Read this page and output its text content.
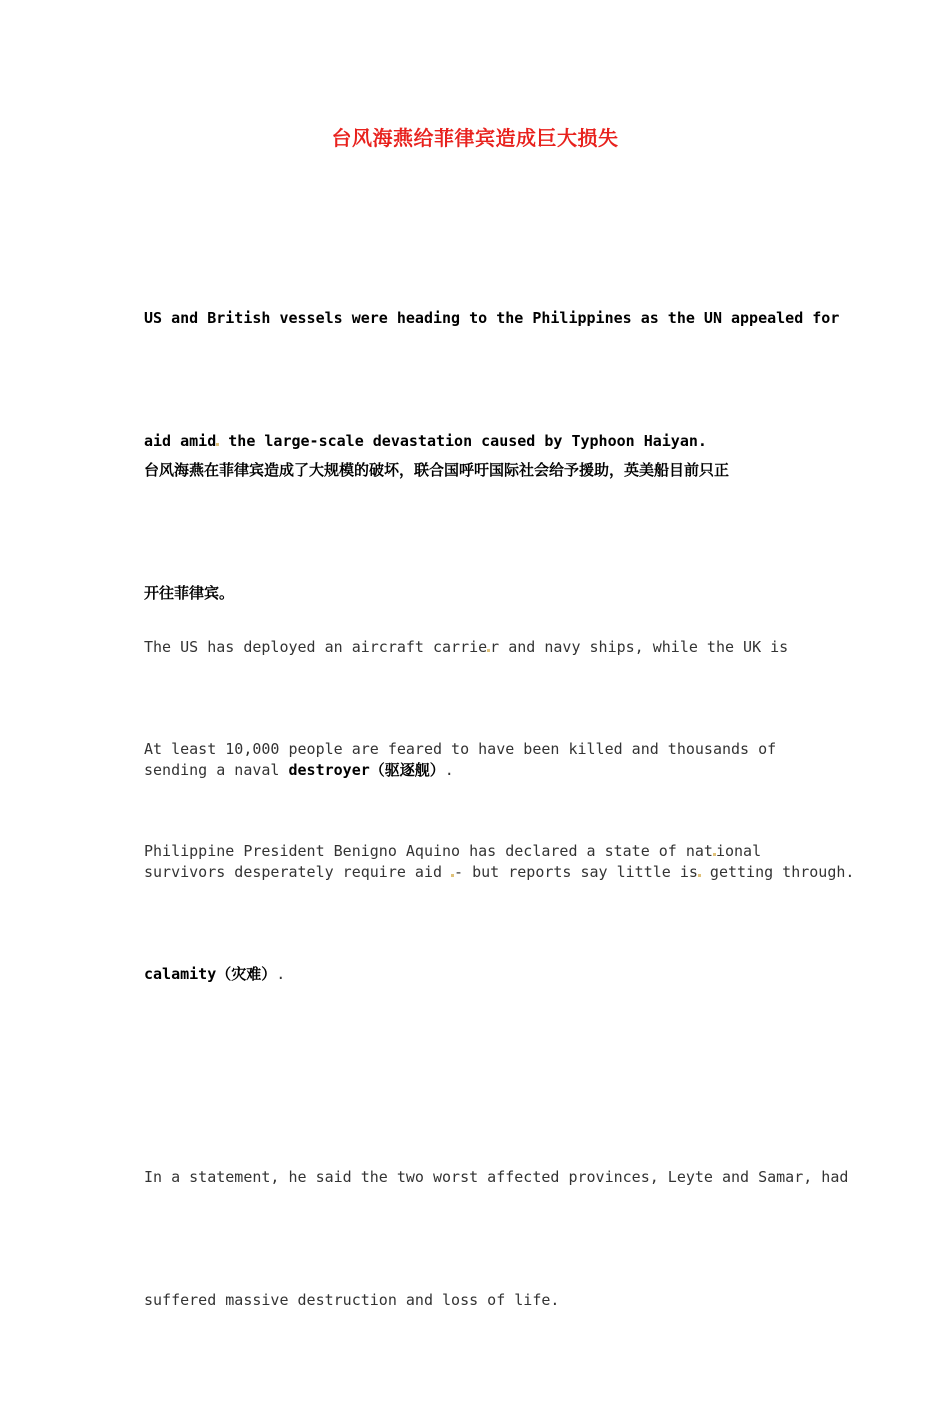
台风海燕给菲律宾造成巨大损失

US and British vessels were heading to the Philippines as the UN appealed for

aid amid the large-scale devastation caused by Typhoon Haiyan.

台风海燕在菲律宾造成了大规模的破坏，联合国呼吁国际社会给予援助，英美船目前只正

开往菲律宾。

The US has deployed an aircraft carrie r and navy ships, while the UK is

sending a naval destroyer（驱逐舰）.

At least 10,000 people are feared to have been killed and thousands of

survivors desperately require aid - but reports say little is getting through.

Philippine President Benigno Aquino has declared a state of nat ional

calamity（灾难）.

In a statement, he said the two worst affected provinces, Leyte and Samar, had

suffered massive destruction and loss of life.
